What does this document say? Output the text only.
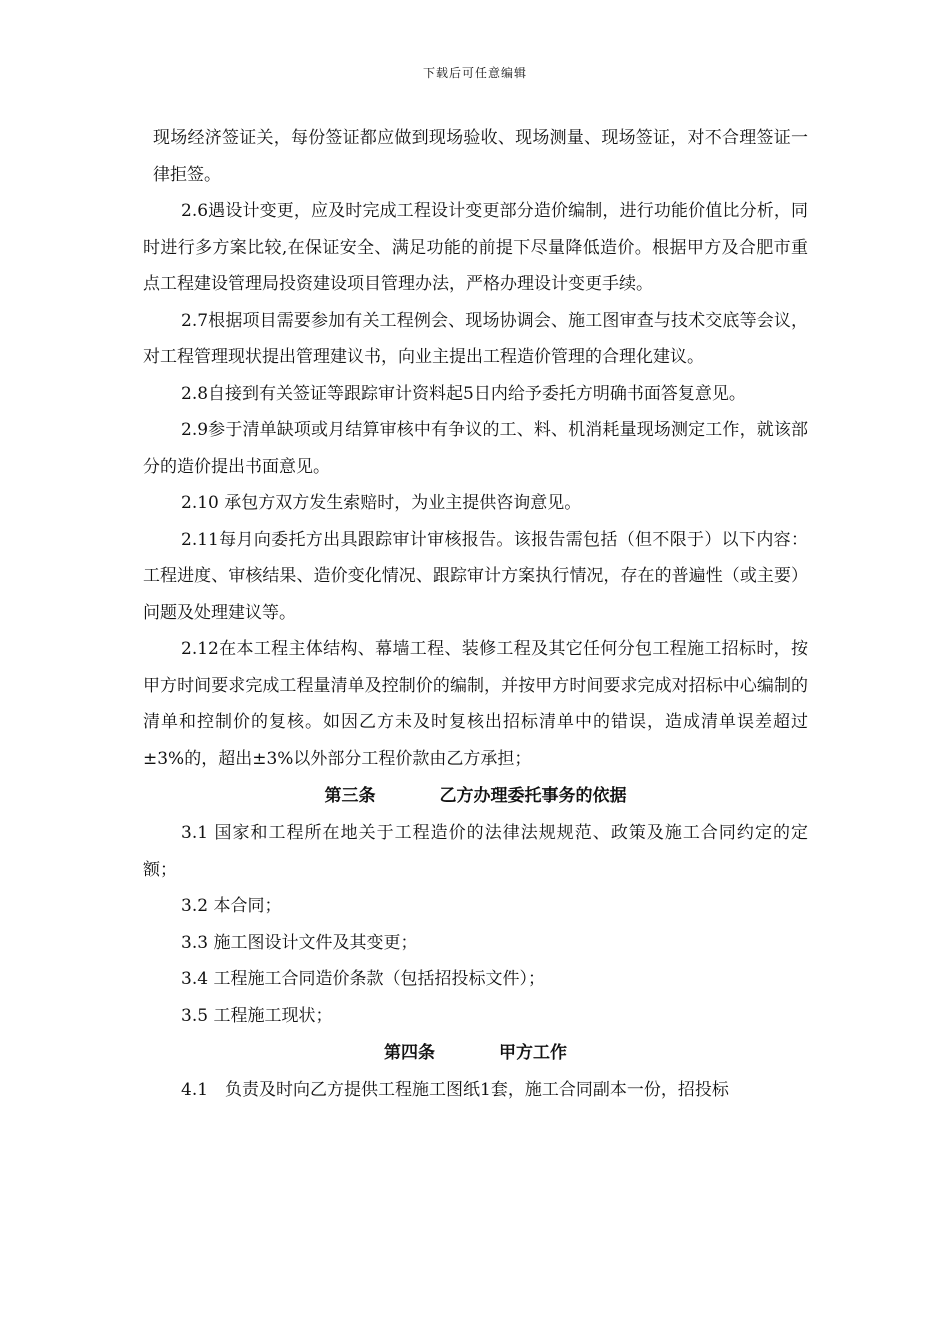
下载后可任意编辑

现场经济签证关，每份签证都应做到现场验收、现场测量、现场签证，对不合理签证一律拒签。

2.6遇设计变更，应及时完成工程设计变更部分造价编制，进行功能价值比分析，同时进行多方案比较,在保证安全、满足功能的前提下尽量降低造价。根据甲方及合肥市重点工程建设管理局投资建设项目管理办法，严格办理设计变更手续。

2.7根据项目需要参加有关工程例会、现场协调会、施工图审查与技术交底等会议，对工程管理现状提出管理建议书，向业主提出工程造价管理的合理化建议。

2.8自接到有关签证等跟踪审计资料起5日内给予委托方明确书面答复意见。

2.9参于清单缺项或月结算审核中有争议的工、料、机消耗量现场测定工作，就该部分的造价提出书面意见。

2.10 承包方双方发生索赔时，为业主提供咨询意见。

2.11每月向委托方出具跟踪审计审核报告。该报告需包括（但不限于）以下内容：工程进度、审核结果、造价变化情况、跟踪审计方案执行情况，存在的普遍性（或主要）问题及处理建议等。

2.12在本工程主体结构、幕墙工程、装修工程及其它任何分包工程施工招标时，按甲方时间要求完成工程量清单及控制价的编制，并按甲方时间要求完成对招标中心编制的清单和控制价的复核。如因乙方未及时复核出招标清单中的错误，造成清单误差超过±3%的，超出±3%以外部分工程价款由乙方承担；

第三条	乙方办理委托事务的依据

3.1 国家和工程所在地关于工程造价的法律法规规范、政策及施工合同约定的定额；

3.2 本合同；

3.3 施工图设计文件及其变更；

3.4 工程施工合同造价条款（包括招投标文件）；

3.5 工程施工现状；

第四条	甲方工作

4.1　负责及时向乙方提供工程施工图纸1套，施工合同副本一份，招投标
